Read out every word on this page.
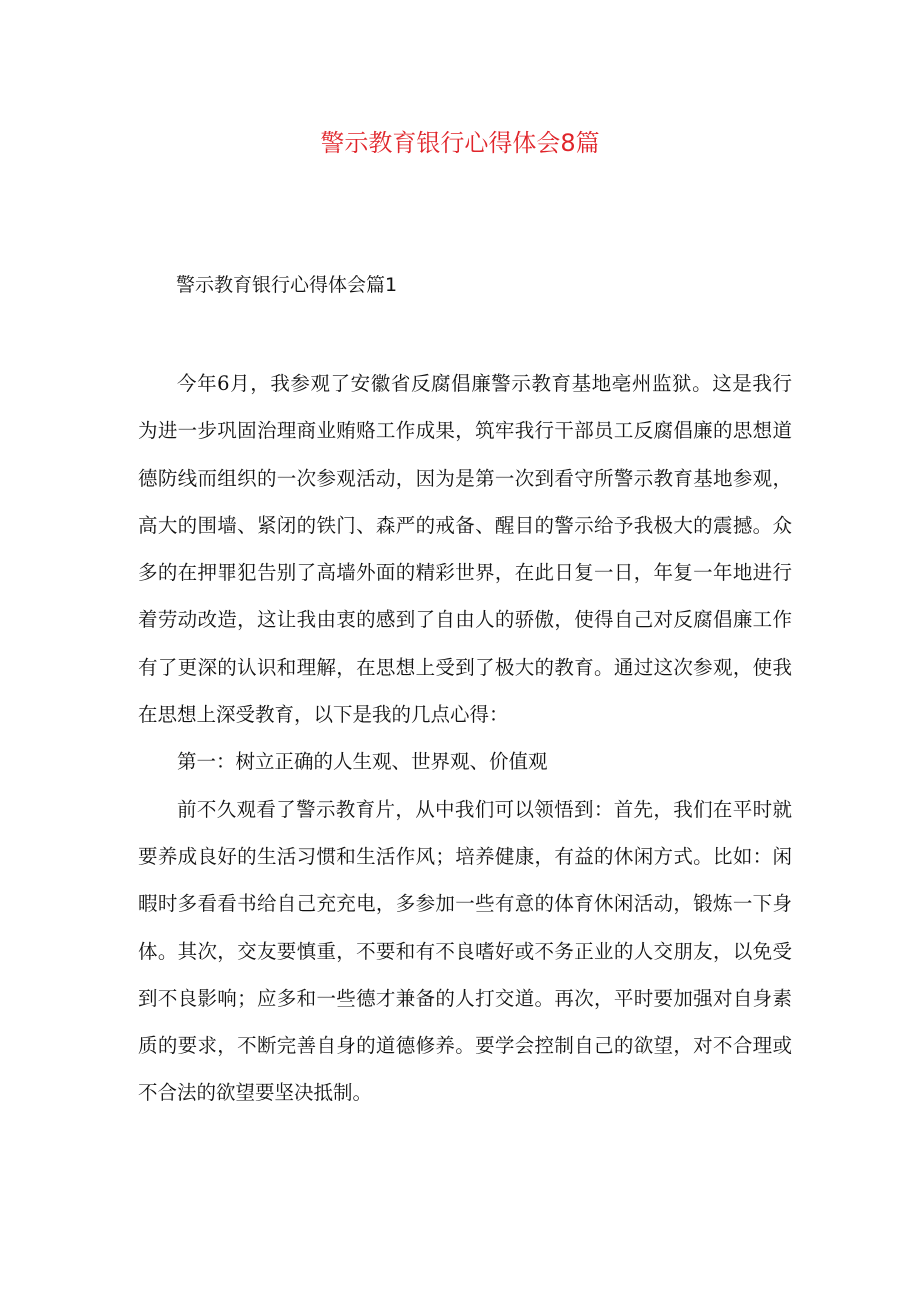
警示教育银行心得体会8篇
警示教育银行心得体会篇1

今年6月，我参观了安徽省反腐倡廉警示教育基地亳州监狱。这是我行为进一步巩固治理商业贿赂工作成果，筑牢我行干部员工反腐倡廉的思想道德防线而组织的一次参观活动，因为是第一次到看守所警示教育基地参观，高大的围墙、紧闭的铁门、森严的戒备、醒目的警示给予我极大的震撼。众多的在押罪犯告别了高墙外面的精彩世界，在此日复一日，年复一年地进行着劳动改造，这让我由衷的感到了自由人的骄傲，使得自己对反腐倡廉工作有了更深的认识和理解，在思想上受到了极大的教育。通过这次参观，使我在思想上深受教育，以下是我的几点心得：

第一：树立正确的人生观、世界观、价值观

前不久观看了警示教育片，从中我们可以领悟到：首先，我们在平时就要养成良好的生活习惯和生活作风；培养健康，有益的休闲方式。比如：闲暇时多看看书给自己充充电，多参加一些有意的体育休闲活动，锻炼一下身体。其次，交友要慎重，不要和有不良嗜好或不务正业的人交朋友，以免受到不良影响；应多和一些德才兼备的人打交道。再次，平时要加强对自身素质的要求，不断完善自身的道德修养。要学会控制自己的欲望，对不合理或不合法的欲望要坚决抵制。
